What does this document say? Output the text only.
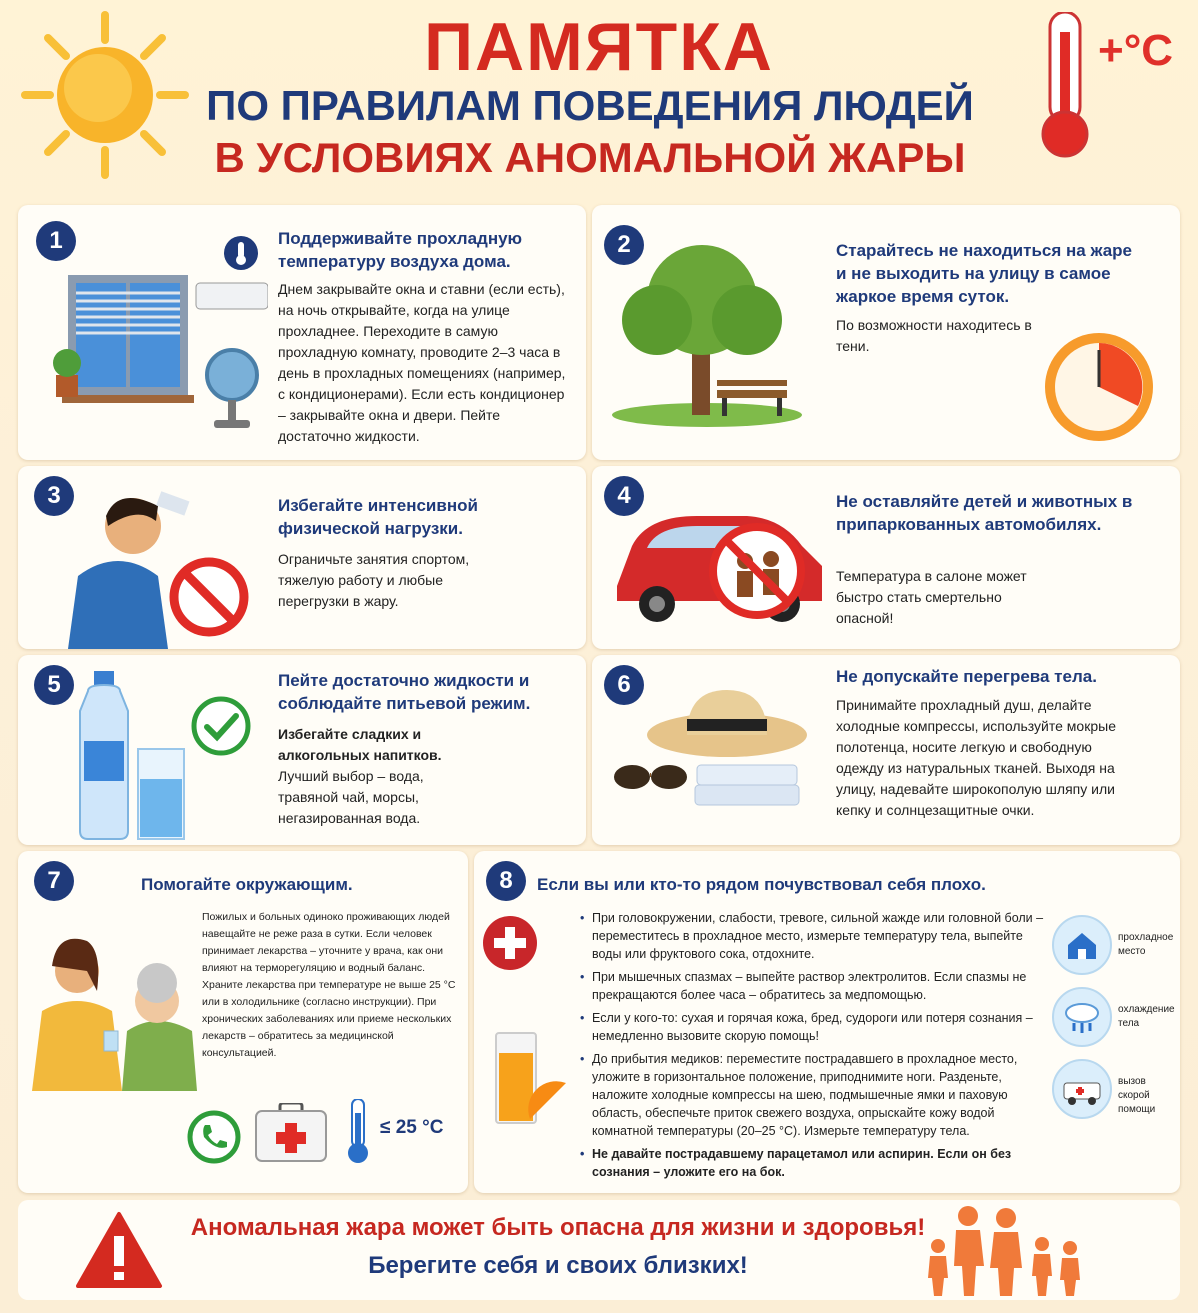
ПАМЯТКА
ПО ПРАВИЛАМ ПОВЕДЕНИЯ ЛЮДЕЙ
В УСЛОВИЯХ АНОМАЛЬНОЙ ЖАРЫ
+°C
1	Поддерживайте прохладную температуру воздуха дома.
Днем закрывайте окна и ставни (если есть), на ночь открывайте, когда на улице прохладнее. Переходите в самую прохладную комнату, проводите 2–3 часа в день в прохладных помещениях (например, с кондиционерами). Если есть кондиционер – закрывайте окна и двери. Пейте достаточно жидкости.
2	Старайтесь не находиться на жаре и не выходить на улицу в самое жаркое время суток.
По возможности находитесь в тени.
3	Избегайте интенсивной физической нагрузки.
Ограничьте занятия спортом, тяжелую работу и любые перегрузки в жару.
4	Не оставляйте детей и животных в припаркованных автомобилях.
Температура в салоне может быстро стать смертельно опасной!
5	Пейте достаточно жидкости и соблюдайте питьевой режим.
Избегайте сладких и алкогольных напитков.
Лучший выбор – вода, травяной чай, морсы, негазированная вода.
6	Не допускайте перегрева тела.
Принимайте прохладный душ, делайте холодные компрессы, используйте мокрые полотенца, носите легкую и свободную одежду из натуральных тканей. Выходя на улицу, надевайте широкополую шляпу или кепку и солнцезащитные очки.
7	Помогайте окружающим.
Пожилых и больных одиноко проживающих людей навещайте не реже раза в сутки. Если человек принимает лекарства – уточните у врача, как они влияют на терморегуляцию и водный баланс. Храните лекарства при температуре не выше 25 °C или в холодильнике (согласно инструкции). При хронических заболеваниях или приеме нескольких лекарств – обратитесь за медицинской консультацией.
≤ 25 °C
8	Если вы или кто-то рядом почувствовал себя плохо.
• При головокружении, слабости, тревоге, сильной жажде или головной боли – переместитесь в прохладное место, измерьте температуру тела, выпейте воды или фруктового сока, отдохните.
• При мышечных спазмах – выпейте раствор электролитов. Если спазмы не прекращаются более часа – обратитесь за медпомощью.
• Если у кого-то: сухая и горячая кожа, бред, судороги или потеря сознания – немедленно вызовите скорую помощь!
• До прибытия медиков: переместите пострадавшего в прохладное место, уложите в горизонтальное положение, приподнимите ноги. Разденьте, наложите холодные компрессы на шею, подмышечные ямки и паховую область, обеспечьте приток свежего воздуха, опрыскайте кожу водой комнатной температуры (20–25 °C). Измерьте температуру тела.
• Не давайте пострадавшему парацетамол или аспирин. Если он без сознания – уложите его на бок.
прохладное место
охлаждение тела
вызов скорой помощи
Аномальная жара может быть опасна для жизни и здоровья!
Берегите себя и своих близких!
